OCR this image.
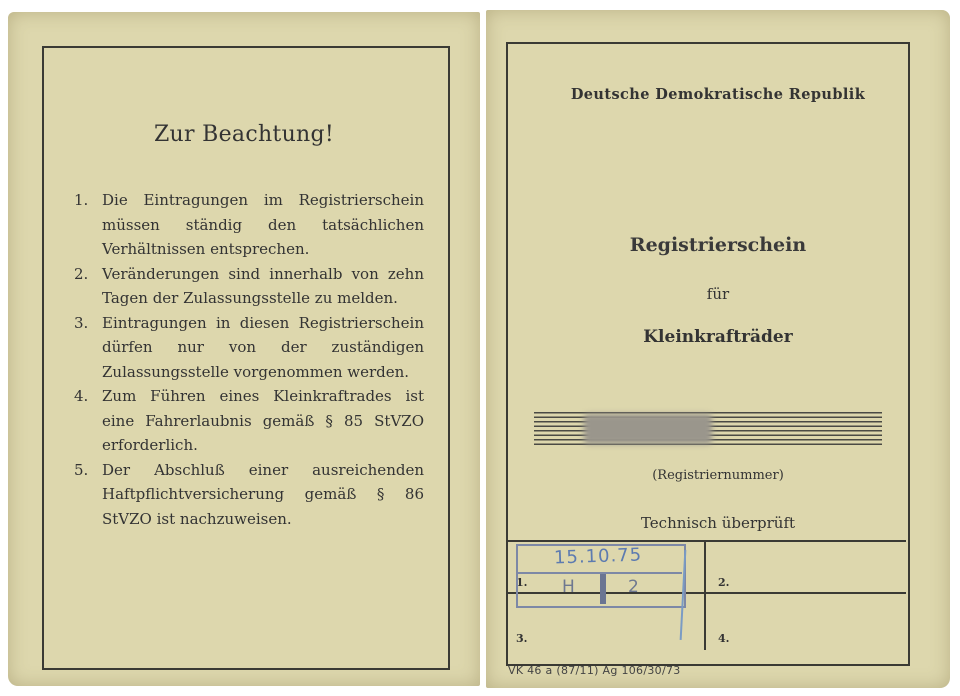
Zur Beachtung!
1. Die Eintragungen im Registrierschein müssen ständig den tatsächlichen Verhältnissen entsprechen.
2. Veränderungen sind innerhalb von zehn Tagen der Zulassungsstelle zu melden.
3. Eintragungen in diesen Registrierschein dürfen nur von der zuständigen Zulassungsstelle vorgenommen werden.
4. Zum Führen eines Kleinkraftrades ist eine Fahrerlaubnis gemäß § 85 StVZO erforderlich.
5. Der Abschluß einer ausreichenden Haftpflichtversicherung gemäß § 86 StVZO ist nachzuweisen.
Deutsche Demokratische Republik
Registrierschein
für
Kleinkrafträder
(Registriernummer)
Technisch überprüft
1.	2.
3.	4.
15.10.75
H	2
VK 46 a (87/11) Ag 106/30/73
